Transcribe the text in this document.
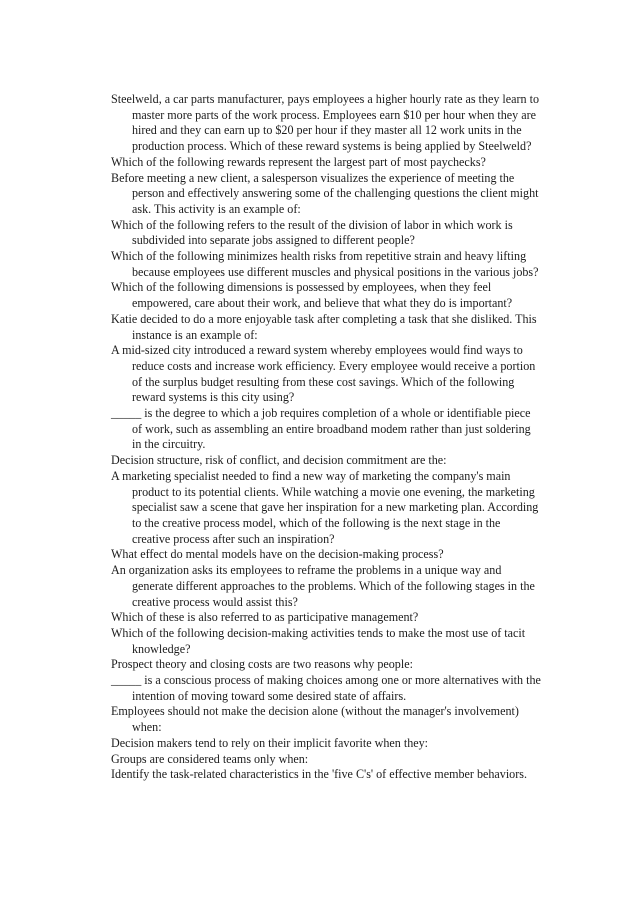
Steelweld, a car parts manufacturer, pays employees a higher hourly rate as they learn to master more parts of the work process. Employees earn $10 per hour when they are hired and they can earn up to $20 per hour if they master all 12 work units in the production process. Which of these reward systems is being applied by Steelweld?
Which of the following rewards represent the largest part of most paychecks?
Before meeting a new client, a salesperson visualizes the experience of meeting the person and effectively answering some of the challenging questions the client might ask. This activity is an example of:
Which of the following refers to the result of the division of labor in which work is subdivided into separate jobs assigned to different people?
Which of the following minimizes health risks from repetitive strain and heavy lifting because employees use different muscles and physical positions in the various jobs?
Which of the following dimensions is possessed by employees, when they feel empowered, care about their work, and believe that what they do is important?
Katie decided to do a more enjoyable task after completing a task that she disliked. This instance is an example of:
A mid-sized city introduced a reward system whereby employees would find ways to reduce costs and increase work efficiency. Every employee would receive a portion of the surplus budget resulting from these cost savings. Which of the following reward systems is this city using?
_____ is the degree to which a job requires completion of a whole or identifiable piece of work, such as assembling an entire broadband modem rather than just soldering in the circuitry.
Decision structure, risk of conflict, and decision commitment are the:
A marketing specialist needed to find a new way of marketing the company's main product to its potential clients. While watching a movie one evening, the marketing specialist saw a scene that gave her inspiration for a new marketing plan. According to the creative process model, which of the following is the next stage in the creative process after such an inspiration?
What effect do mental models have on the decision-making process?
An organization asks its employees to reframe the problems in a unique way and generate different approaches to the problems. Which of the following stages in the creative process would assist this?
Which of these is also referred to as participative management?
Which of the following decision-making activities tends to make the most use of tacit knowledge?
Prospect theory and closing costs are two reasons why people:
_____ is a conscious process of making choices among one or more alternatives with the intention of moving toward some desired state of affairs.
Employees should not make the decision alone (without the manager's involvement) when:
Decision makers tend to rely on their implicit favorite when they:
Groups are considered teams only when:
Identify the task-related characteristics in the 'five C's' of effective member behaviors.
